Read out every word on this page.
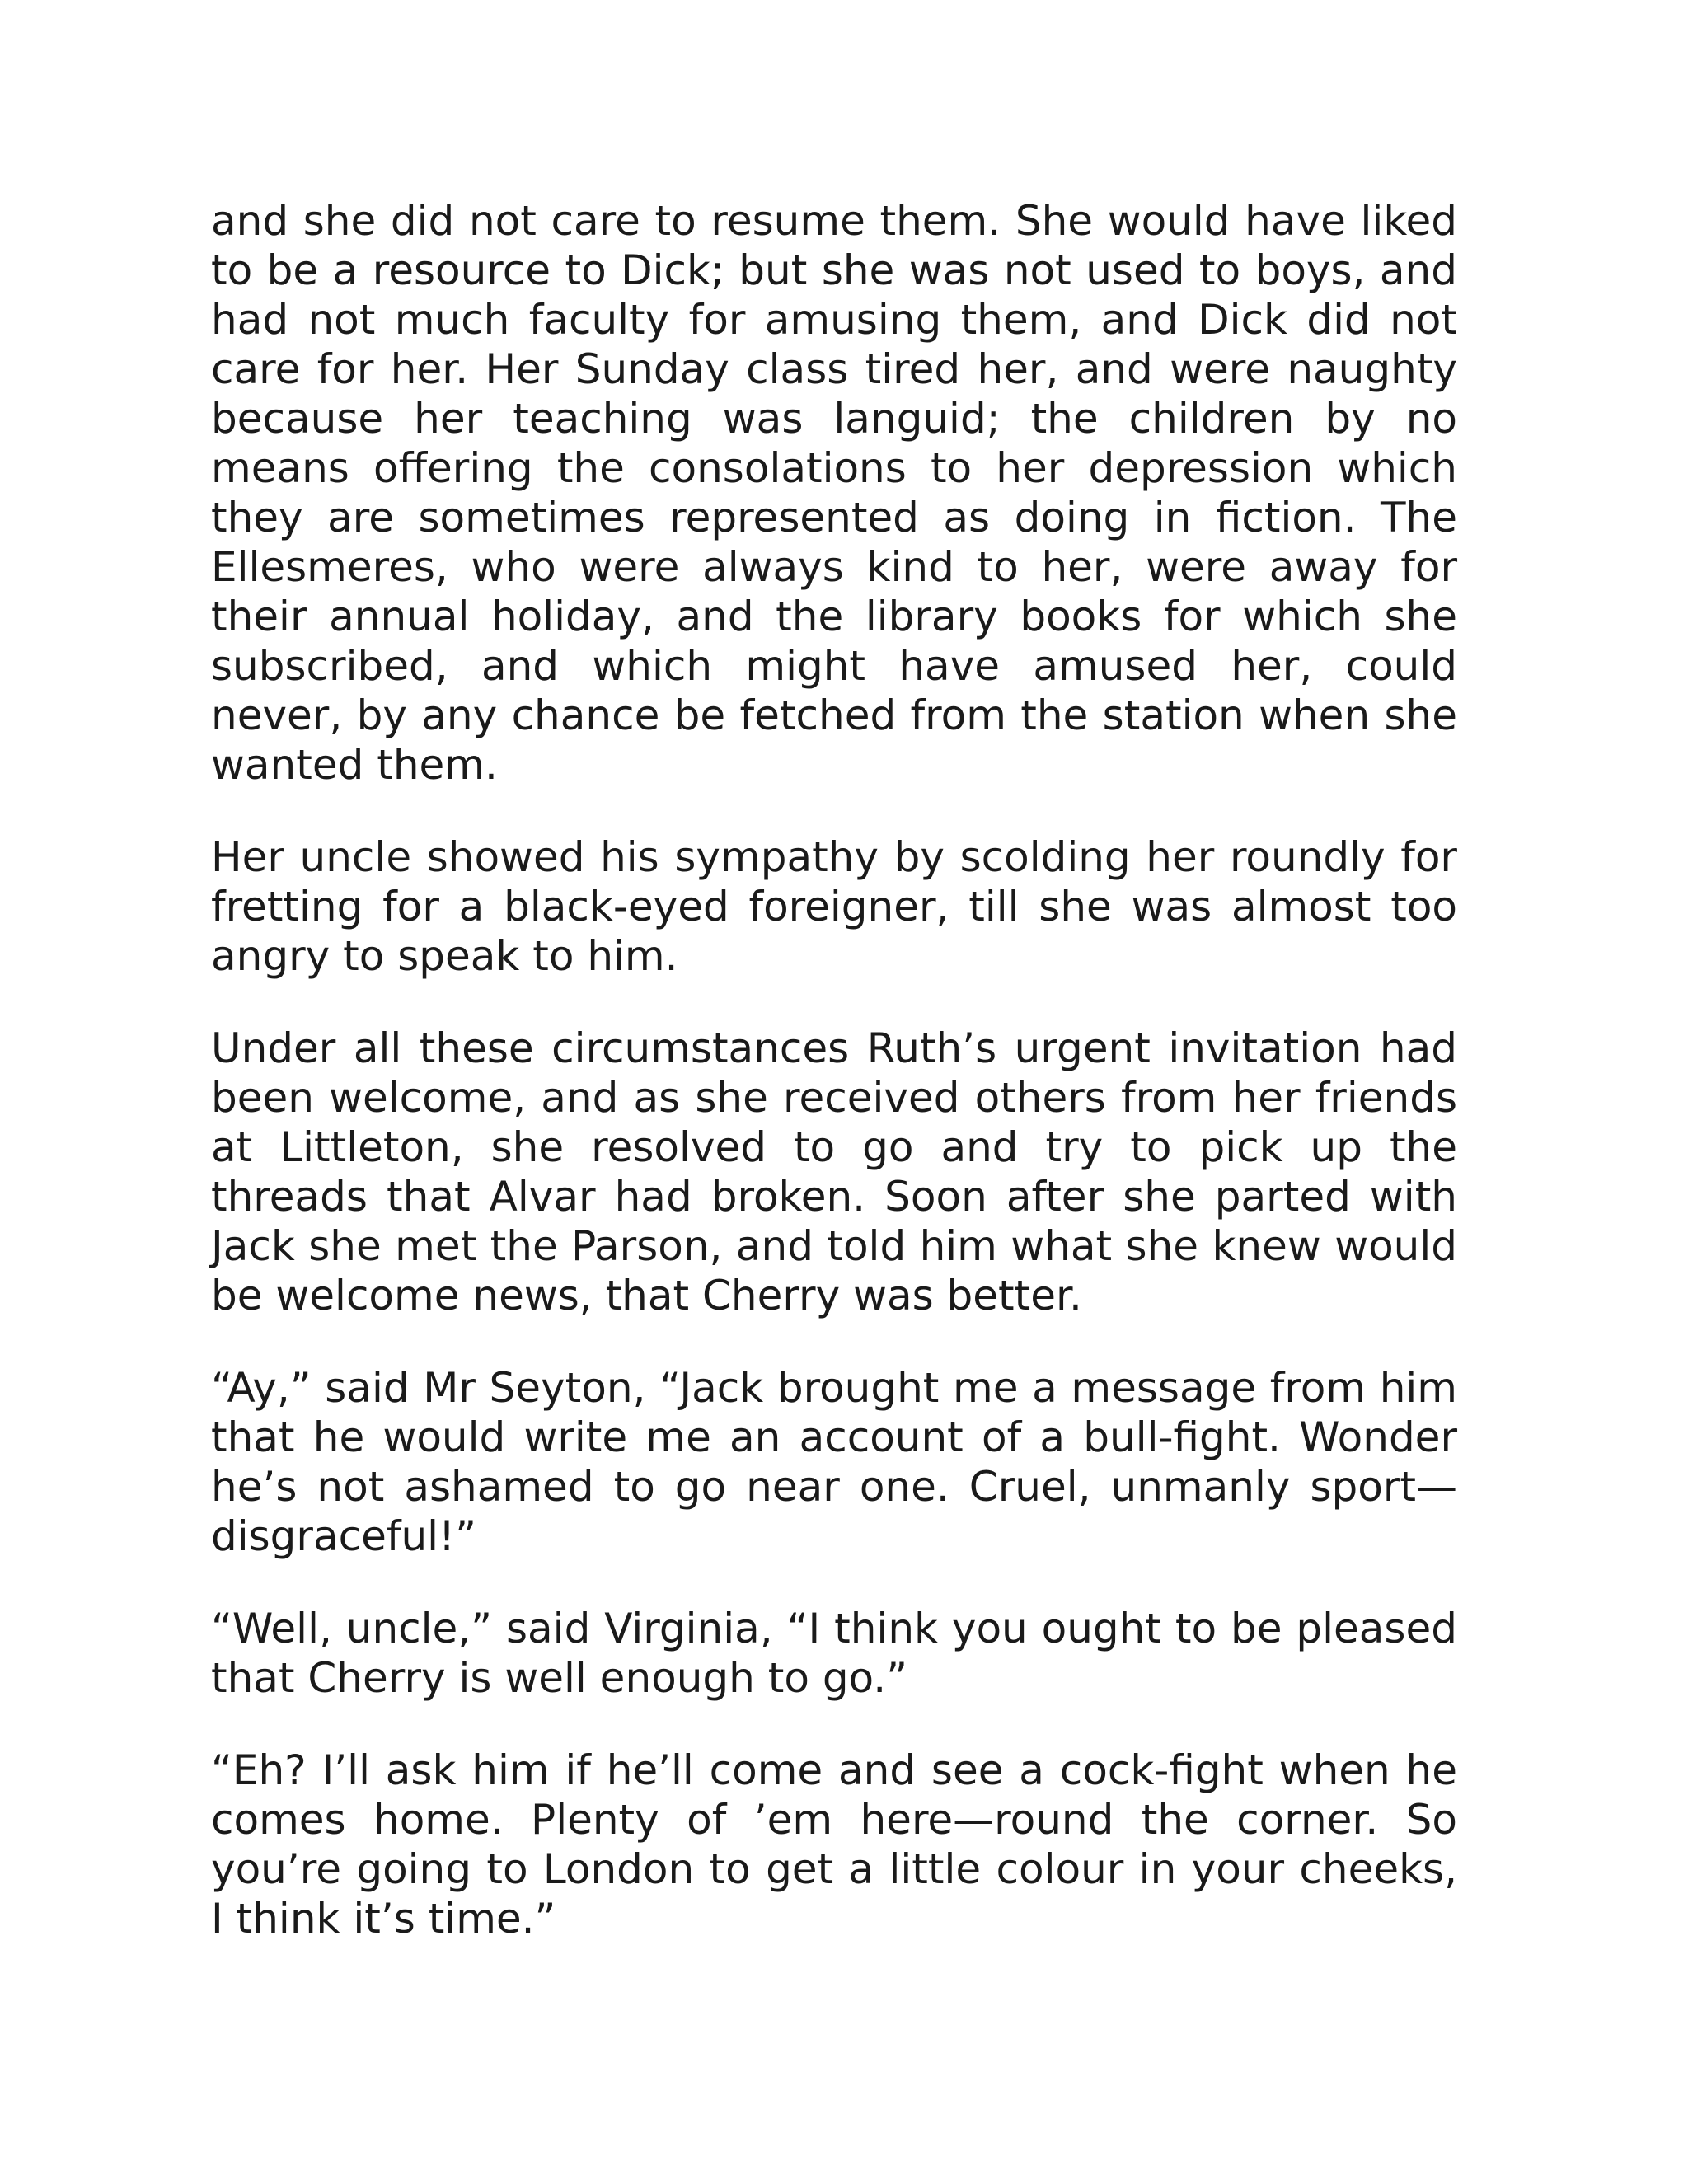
and she did not care to resume them. She would have liked to be a resource to Dick; but she was not used to boys, and had not much faculty for amusing them, and Dick did not care for her. Her Sunday class tired her, and were naughty because her teaching was languid; the children by no means offering the consolations to her depression which they are sometimes represented as doing in fiction. The Ellesmeres, who were always kind to her, were away for their annual holiday, and the library books for which she subscribed, and which might have amused her, could never, by any chance be fetched from the station when she wanted them.

Her uncle showed his sympathy by scolding her roundly for fretting for a black-eyed foreigner, till she was almost too angry to speak to him.

Under all these circumstances Ruth’s urgent invitation had been welcome, and as she received others from her friends at Littleton, she resolved to go and try to pick up the threads that Alvar had broken. Soon after she parted with Jack she met the Parson, and told him what she knew would be welcome news, that Cherry was better.

“Ay,” said Mr Seyton, “Jack brought me a message from him that he would write me an account of a bull-fight. Wonder he’s not ashamed to go near one. Cruel, unmanly sport—disgraceful!”

“Well, uncle,” said Virginia, “I think you ought to be pleased that Cherry is well enough to go.”

“Eh? I’ll ask him if he’ll come and see a cock-fight when he comes home. Plenty of ’em here—round the corner. So you’re going to London to get a little colour in your cheeks, I think it’s time.”
